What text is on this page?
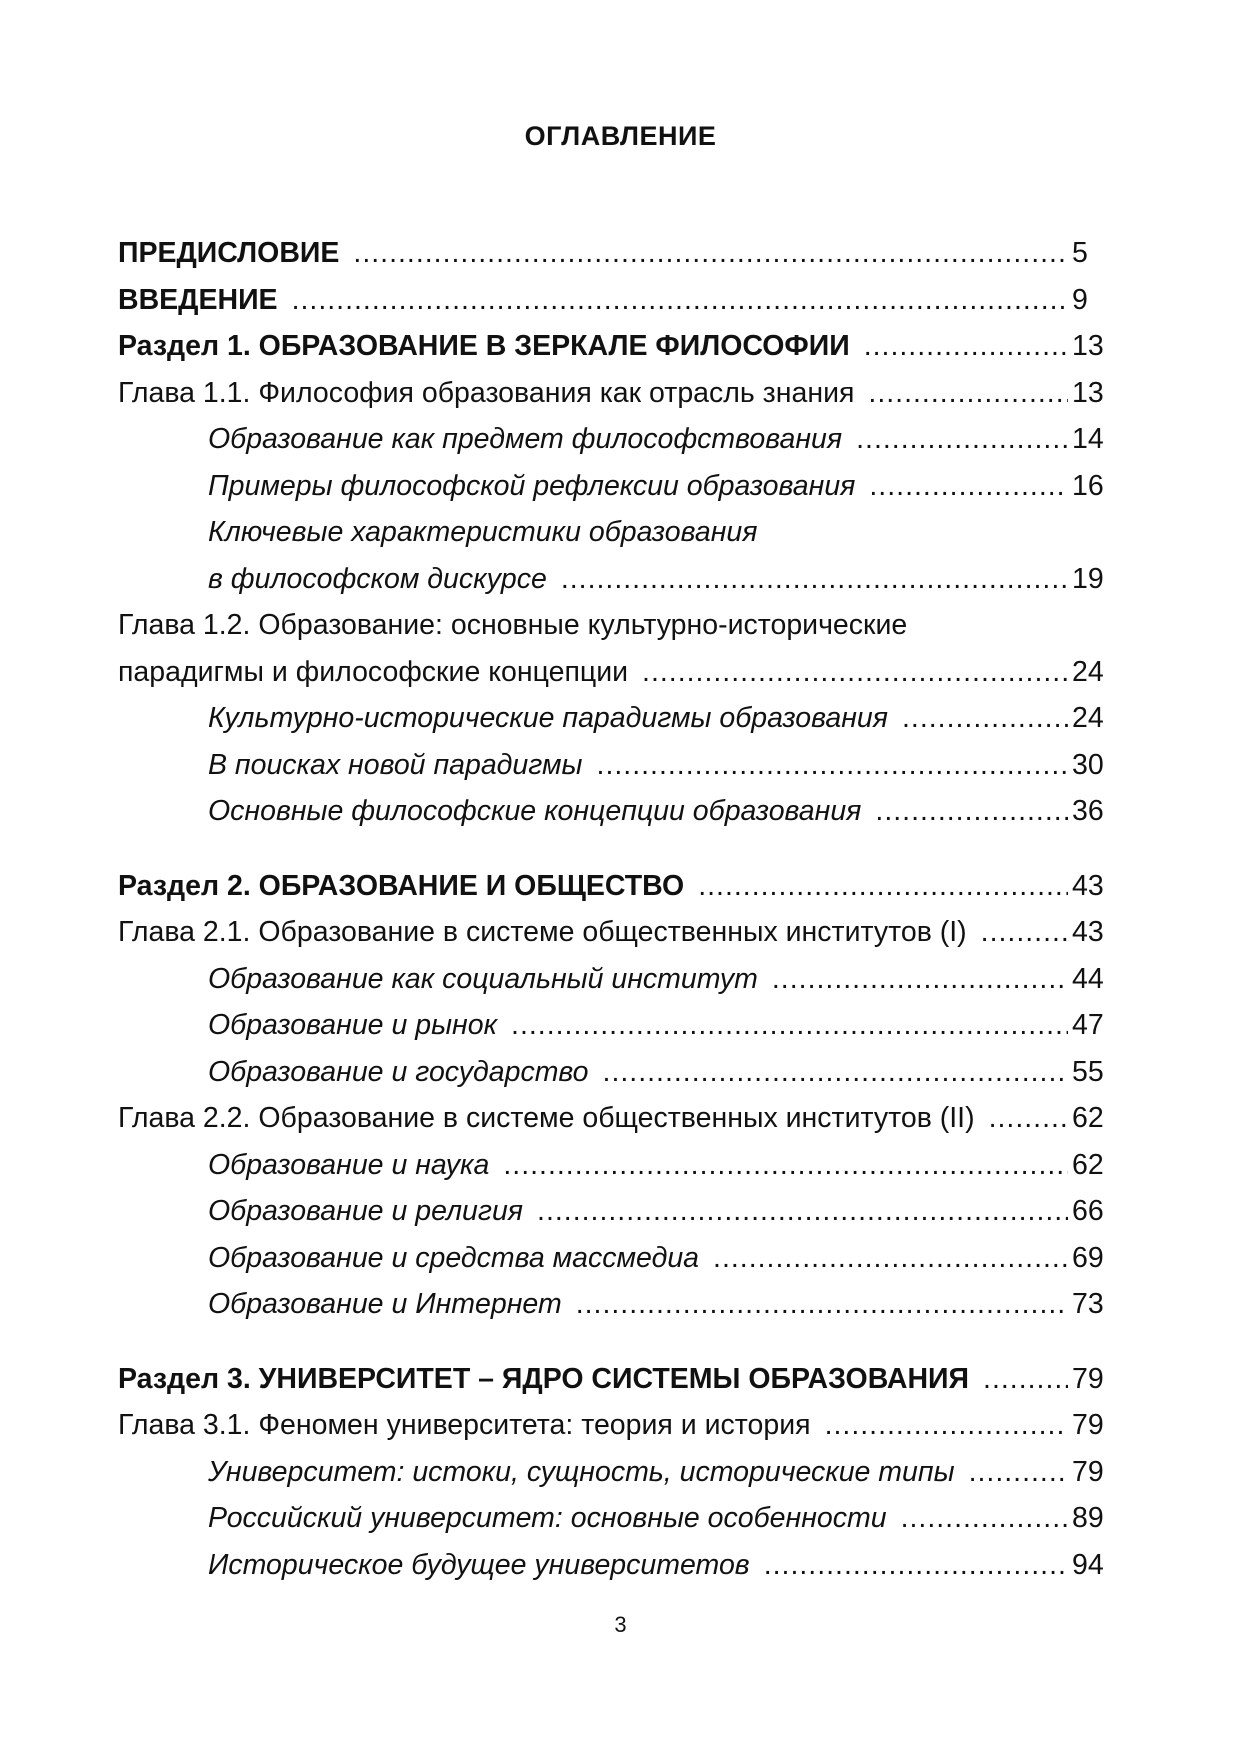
ОГЛАВЛЕНИЕ
ПРЕДИСЛОВИЕ .....	5
ВВЕДЕНИЕ .....	9
Раздел 1. ОБРАЗОВАНИЕ В ЗЕРКАЛЕ ФИЛОСОФИИ .....	13
Глава 1.1. Философия образования как отрасль знания .....	13
Образование как предмет философствования .....	14
Примеры философской рефлексии образования .....	16
Ключевые характеристики образования
в философском дискурсе .....	19
Глава 1.2. Образование: основные культурно-исторические
парадигмы и философские концепции .....	24
Культурно-исторические парадигмы образования .....	24
В поисках новой парадигмы .....	30
Основные философские концепции образования .....	36
Раздел 2. ОБРАЗОВАНИЕ И ОБЩЕСТВО .....	43
Глава 2.1. Образование в системе общественных институтов (I) .....	43
Образование как социальный институт .....	44
Образование и рынок .....	47
Образование и государство .....	55
Глава 2.2. Образование в системе общественных институтов (II) .....	62
Образование и наука .....	62
Образование и религия .....	66
Образование и средства массмедиа .....	69
Образование и Интернет .....	73
Раздел 3. УНИВЕРСИТЕТ – ЯДРО СИСТЕМЫ ОБРАЗОВАНИЯ .....	79
Глава 3.1. Феномен университета: теория и история .....	79
Университет: истоки, сущность, исторические типы .....	79
Российский университет: основные особенности .....	89
Историческое будущее университетов .....	94
3
